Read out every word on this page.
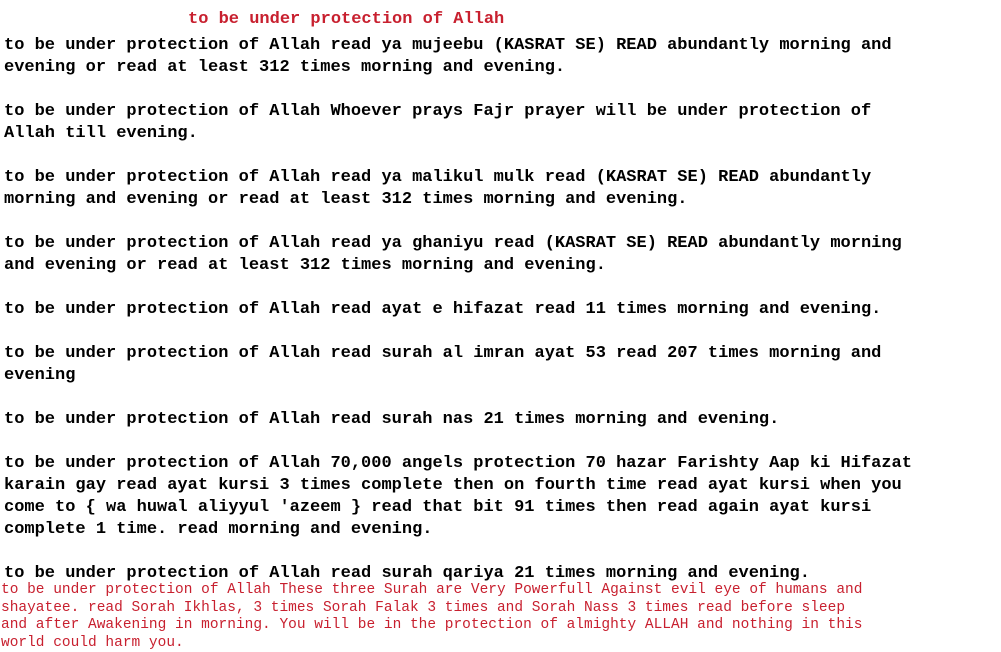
to be under protection of Allah
to be under protection of Allah read ya mujeebu (KASRAT SE) READ abundantly morning and
evening or read at least 312 times morning and evening.
to be under protection of Allah Whoever prays Fajr prayer will be under protection of
Allah till evening.
to be under protection of Allah read ya malikul mulk read (KASRAT SE) READ abundantly
morning and evening or read at least 312 times morning and evening.
to be under protection of Allah read ya ghaniyu read (KASRAT SE) READ abundantly morning
and evening or read at least 312 times morning and evening.
to be under protection of Allah read ayat e hifazat read 11 times morning and evening.
to be under protection of Allah read surah al imran ayat 53 read 207 times morning and
evening
to be under protection of Allah read surah nas 21 times morning and evening.
to be under protection of Allah 70,000 angels protection 70 hazar Farishty Aap ki Hifazat
karain gay read ayat kursi 3 times complete then on fourth time read ayat kursi when you
come to { wa huwal aliyyul 'azeem } read that bit 91 times then read again ayat kursi
complete 1 time. read morning and evening.
to be under protection of Allah read surah qariya 21 times morning and evening.
to be under protection of Allah These three Surah are Very Powerfull Against evil eye of humans and
shayatee. read Sorah Ikhlas, 3 times Sorah Falak 3 times and Sorah Nass 3 times read before sleep
and after Awakening in morning. You will be in the protection of almighty ALLAH and nothing in this
world could harm you.
